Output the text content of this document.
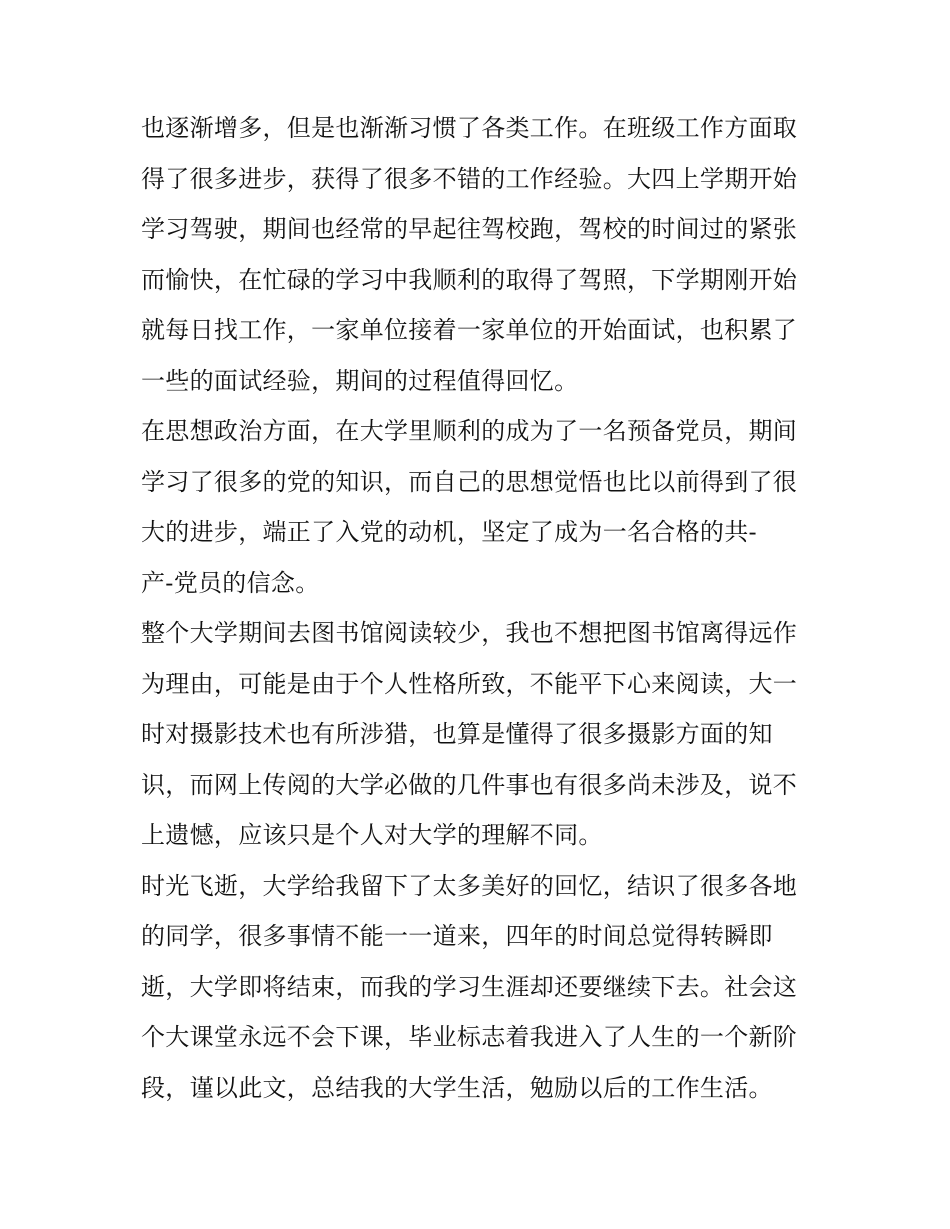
也逐渐增多，但是也渐渐习惯了各类工作。在班级工作方面取
得了很多进步，获得了很多不错的工作经验。大四上学期开始
学习驾驶，期间也经常的早起往驾校跑，驾校的时间过的紧张
而愉快，在忙碌的学习中我顺利的取得了驾照，下学期刚开始
就每日找工作，一家单位接着一家单位的开始面试，也积累了
一些的面试经验，期间的过程值得回忆。
在思想政治方面，在大学里顺利的成为了一名预备党员，期间
学习了很多的党的知识，而自己的思想觉悟也比以前得到了很
大的进步，端正了入党的动机，坚定了成为一名合格的共-
产-党员的信念。
整个大学期间去图书馆阅读较少，我也不想把图书馆离得远作
为理由，可能是由于个人性格所致，不能平下心来阅读，大一
时对摄影技术也有所涉猎，也算是懂得了很多摄影方面的知
识，而网上传阅的大学必做的几件事也有很多尚未涉及，说不
上遗憾，应该只是个人对大学的理解不同。
时光飞逝，大学给我留下了太多美好的回忆，结识了很多各地
的同学，很多事情不能一一道来，四年的时间总觉得转瞬即
逝，大学即将结束，而我的学习生涯却还要继续下去。社会这
个大课堂永远不会下课，毕业标志着我进入了人生的一个新阶
段，谨以此文，总结我的大学生活，勉励以后的工作生活。
